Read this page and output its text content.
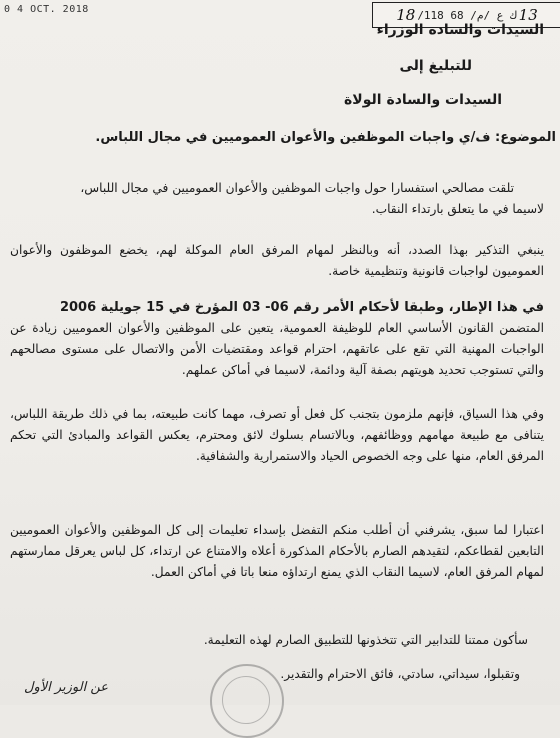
0 4 OCT. 2018	18 /118 68 /ك ع /م 13
السيدات والسادة الوزراء
للتبليغ إلى
السيدات والسادة الولاة
الموضوع: ف/ي واجبات الموظفين والأعوان العموميين في مجال اللباس.
تلقت مصالحي استفسارا حول واجبات الموظفين والأعوان العموميين في مجال اللباس،
لاسيما في ما يتعلق بارتداء النقاب.
ينبغي التذكير بهذا الصدد، أنه وبالنظر لمهام المرفق العام الموكلة لهم، يخضع الموظفون والأعوان العموميون لواجبات قانونية وتنظيمية خاصة.
في هذا الإطار، وطبقا لأحكام الأمر رقم 06- 03 المؤرخ في 15 جويلية 2006
المتضمن القانون الأساسي العام للوظيفة العمومية، يتعين على الموظفين والأعوان العموميين زيادة عن الواجبات المهنية التي تقع على عاتقهم، احترام قواعد ومقتضيات الأمن والاتصال على مستوى مصالحهم والتي تستوجب تحديد هويتهم بصفة آلية ودائمة، لاسيما في أماكن عملهم.
وفي هذا السياق، فإنهم ملزمون بتجنب كل فعل أو تصرف، مهما كانت طبيعته، بما في ذلك طريقة اللباس، يتنافى مع طبيعة مهامهم ووظائفهم، وبالاتسام بسلوك لائق ومحترم، يعكس القواعد والمبادئ التي تحكم المرفق العام، منها على وجه الخصوص الحياد والاستمرارية والشفافية.
اعتبارا لما سبق، يشرفني أن أطلب منكم التفضل بإسداء تعليمات إلى كل الموظفين والأعوان العموميين التابعين لقطاعكم، لتقيدهم الصارم بالأحكام المذكورة أعلاه والامتناع عن ارتداء، كل لباس يعرقل ممارستهم لمهام المرفق العام، لاسيما النقاب الذي يمنع ارتداؤه منعا باتا في أماكن العمل.
سأكون ممتنا للتدابير التي تتخذونها للتطبيق الصارم لهذه التعليمة.
وتقبلوا، سيداتي، سادتي، فائق الاحترام والتقدير.
عن الوزير الأول
